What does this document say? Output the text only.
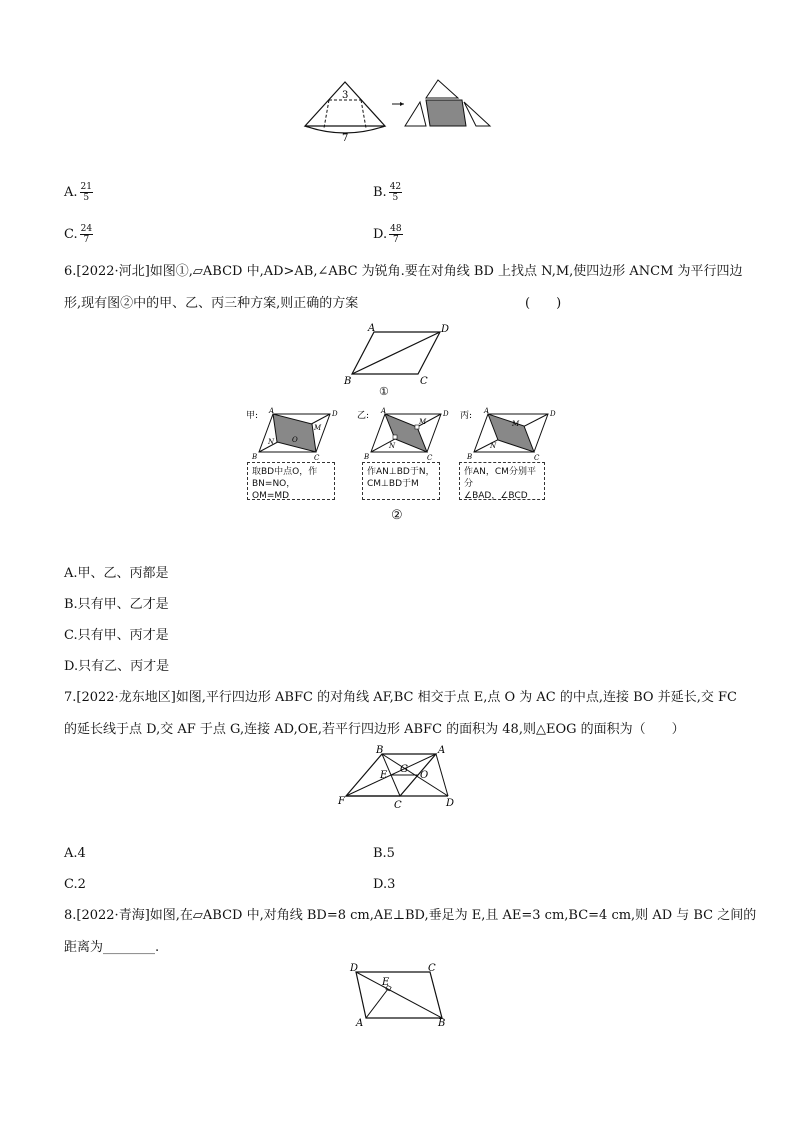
3
7
A. $\frac{21}{5}$	B. $\frac{42}{5}$
C. $\frac{24}{7}$	D. $\frac{48}{7}$
6.[2022·河北]如图①,▱ABCD 中,AD>AB,∠ABC 为锐角.要在对角线 BD 上找点 N,M,使四边形 ANCM 为平行四边
形,现有图②中的甲、乙、丙三种方案,则正确的方案	(　　)
A	D
B	C
①
甲: A	D
B	C
N
M
O
取BD中点O，作
BN=NO，OM=MD
乙: A	D
B	C
N
M
作AN⊥BD于N，
CM⊥BD于M
丙: A	D
B	C
N
M
作AN，CM分别平分
∠BAD，∠BCD
②
A.甲、乙、丙都是
B.只有甲、乙才是
C.只有甲、丙才是
D.只有乙、丙才是
7.[2022·龙东地区]如图,平行四边形 ABFC 的对角线 AF,BC 相交于点 E,点 O 为 AC 的中点,连接 BO 并延长,交 FC
的延长线于点 D,交 AF 于点 G,连接 AD,OE,若平行四边形 ABFC 的面积为 48,则△EOG 的面积为（　　）
B	A
F	C	D
E
G
O
A.4	B.5
C.2	D.3
8.[2022·青海]如图,在▱ABCD 中,对角线 BD=8 cm,AE⊥BD,垂足为 E,且 AE=3 cm,BC=4 cm,则 AD 与 BC 之间的
距离为________.
D	C
A	B
E
